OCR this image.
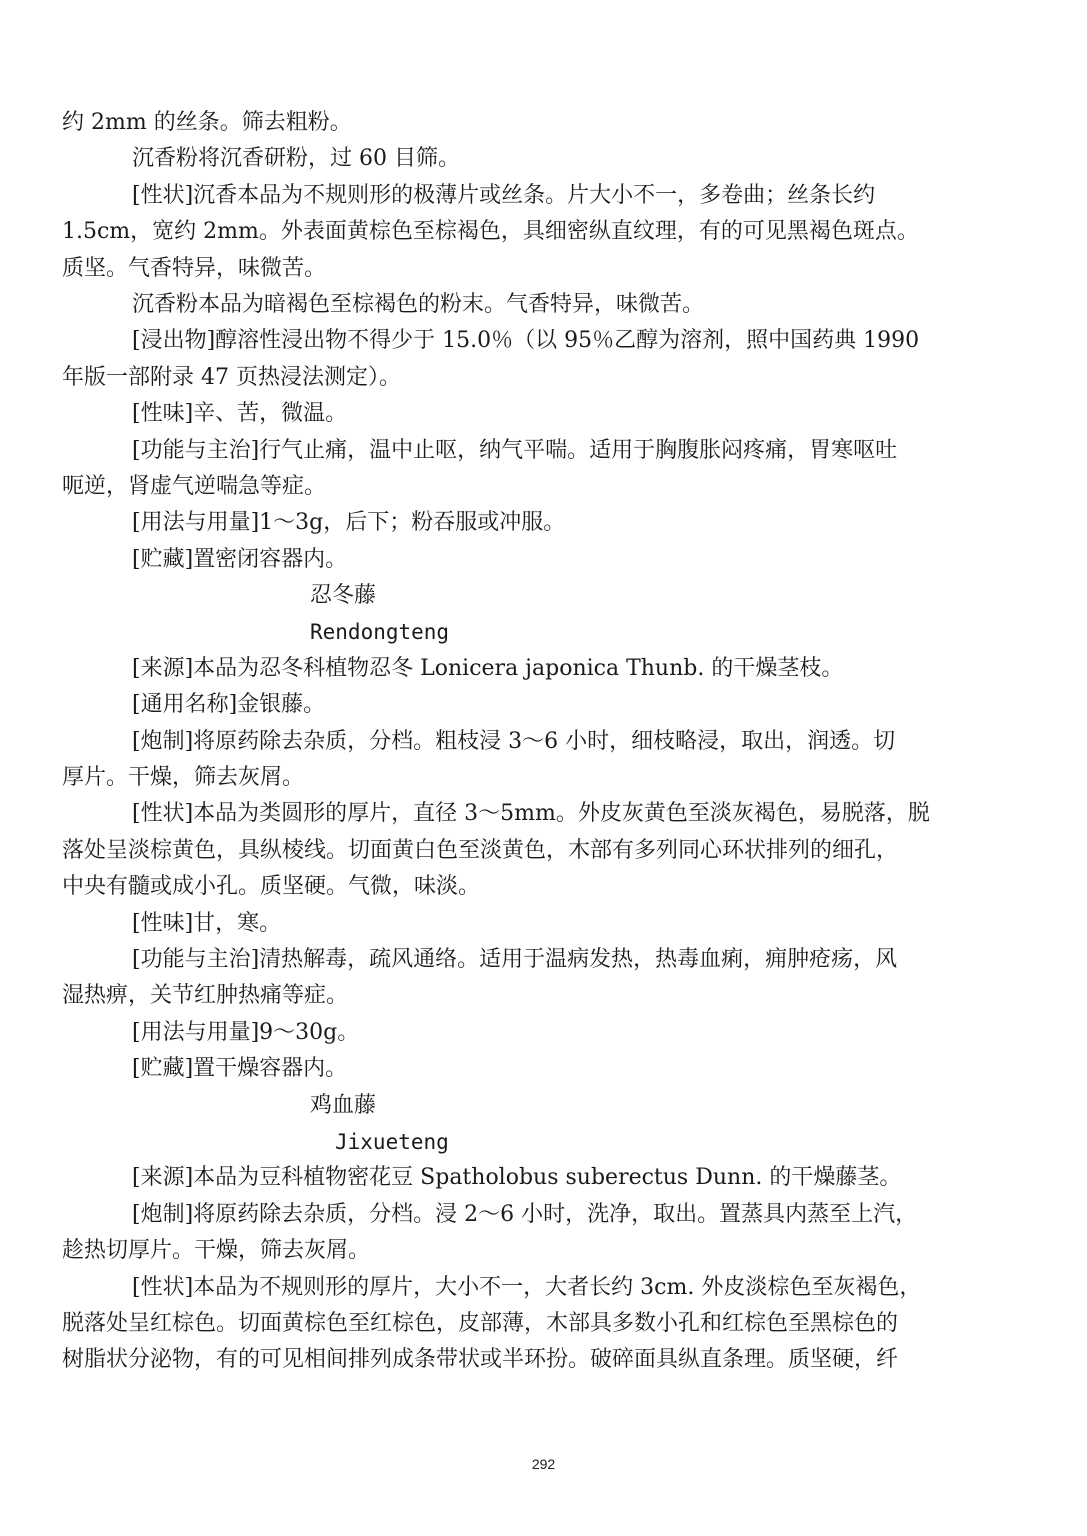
约 2mm 的丝条。筛去粗粉。
沉香粉将沉香研粉，过 60 目筛。
[性状]沉香本品为不规则形的极薄片或丝条。片大小不一，多卷曲；丝条长约
1.5cm，宽约 2mm。外表面黄棕色至棕褐色，具细密纵直纹理，有的可见黑褐色斑点。
质坚。气香特异，味微苦。
沉香粉本品为暗褐色至棕褐色的粉末。气香特异，味微苦。
[浸出物]醇溶性浸出物不得少于 15.0％（以 95％乙醇为溶剂，照中国药典 1990
年版一部附录 47 页热浸法测定）。
[性味]辛、苦，微温。
[功能与主治]行气止痛，温中止呕，纳气平喘。适用于胸腹胀闷疼痛，胃寒呕吐
呃逆，肾虚气逆喘急等症。
[用法与用量]1～3g，后下；粉吞服或冲服。
[贮藏]置密闭容器内。
忍冬藤
Rendongteng
[来源]本品为忍冬科植物忍冬 Lonicera japonica Thunb. 的干燥茎枝。
[通用名称]金银藤。
[炮制]将原药除去杂质，分档。粗枝浸 3～6 小时，细枝略浸，取出，润透。切
厚片。干燥，筛去灰屑。
[性状]本品为类圆形的厚片，直径 3～5mm。外皮灰黄色至淡灰褐色，易脱落，脱
落处呈淡棕黄色，具纵棱线。切面黄白色至淡黄色，木部有多列同心环状排列的细孔，
中央有髓或成小孔。质坚硬。气微，味淡。
[性味]甘，寒。
[功能与主治]清热解毒，疏风通络。适用于温病发热，热毒血痢，痈肿疮疡，风
湿热痹，关节红肿热痛等症。
[用法与用量]9～30g。
[贮藏]置干燥容器内。
鸡血藤
Jixueteng
[来源]本品为豆科植物密花豆 Spatholobus suberectus Dunn. 的干燥藤茎。
[炮制]将原药除去杂质，分档。浸 2～6 小时，洗净，取出。置蒸具内蒸至上汽，
趁热切厚片。干燥，筛去灰屑。
[性状]本品为不规则形的厚片，大小不一，大者长约 3cm. 外皮淡棕色至灰褐色，
脱落处呈红棕色。切面黄棕色至红棕色，皮部薄，木部具多数小孔和红棕色至黑棕色的
树脂状分泌物，有的可见相间排列成条带状或半环扮。破碎面具纵直条理。质坚硬，纤
292
